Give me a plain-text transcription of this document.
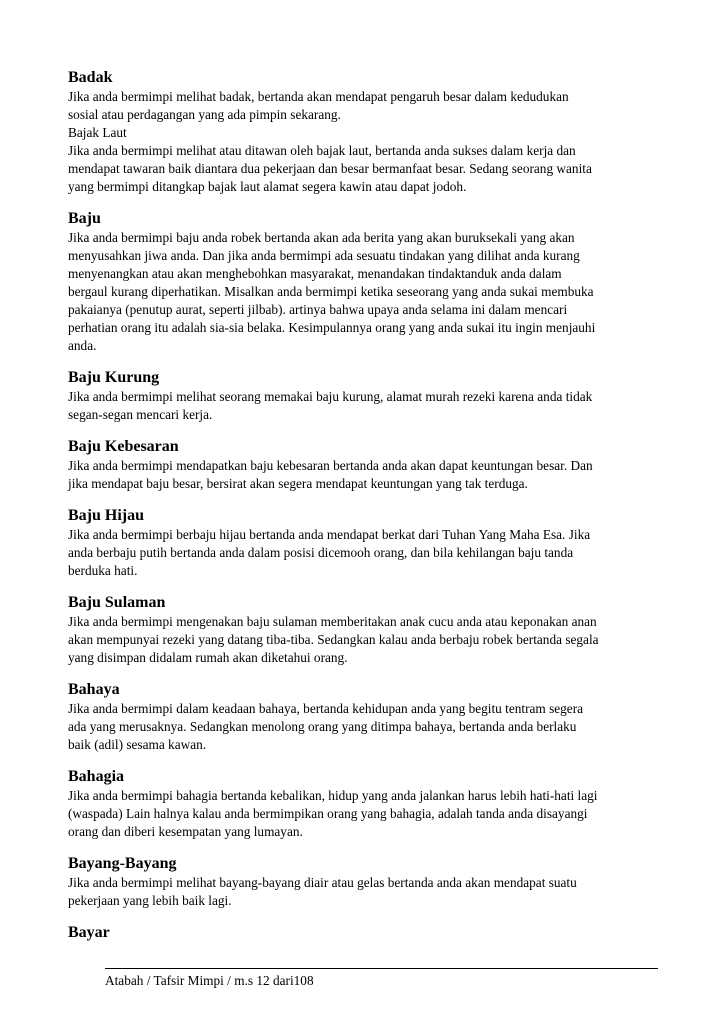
Badak

Jika anda bermimpi melihat badak, bertanda akan mendapat pengaruh besar dalam kedudukan

sosial atau perdagangan yang ada pimpin sekarang.

Bajak Laut

Jika anda bermimpi melihat atau ditawan oleh bajak laut, bertanda anda sukses dalam kerja dan

mendapat tawaran baik diantara dua pekerjaan dan besar bermanfaat besar. Sedang seorang wanita

yang bermimpi ditangkap bajak laut alamat segera kawin atau dapat jodoh.

Baju

Jika anda bermimpi baju anda robek bertanda akan ada berita yang akan buruksekali yang akan

menyusahkan jiwa anda. Dan jika anda bermimpi ada sesuatu tindakan yang dilihat anda kurang

menyenangkan atau akan menghebohkan masyarakat, menandakan tindaktanduk anda dalam

bergaul kurang diperhatikan. Misalkan anda bermimpi ketika seseorang yang anda sukai membuka

pakaianya (penutup aurat, seperti jilbab). artinya bahwa upaya anda selama ini dalam mencari

perhatian orang itu adalah sia-sia belaka. Kesimpulannya orang yang anda sukai itu ingin menjauhi

anda.

Baju Kurung

Jika anda bermimpi melihat seorang memakai baju kurung, alamat murah rezeki karena anda tidak

segan-segan mencari kerja.

Baju Kebesaran

Jika anda bermimpi mendapatkan baju kebesaran bertanda anda akan dapat keuntungan besar. Dan

jika mendapat baju besar, bersirat akan segera mendapat keuntungan yang tak terduga.

Baju Hijau

Jika anda bermimpi berbaju hijau bertanda anda mendapat berkat dari Tuhan Yang Maha Esa. Jika

anda berbaju putih bertanda anda dalam posisi dicemooh orang, dan bila kehilangan baju tanda

berduka hati.

Baju Sulaman

Jika anda bermimpi mengenakan baju sulaman memberitakan anak cucu anda atau keponakan anan

akan mempunyai rezeki yang datang tiba-tiba. Sedangkan kalau anda berbaju robek bertanda segala

yang disimpan didalam rumah akan diketahui orang.

Bahaya

Jika anda bermimpi dalam keadaan bahaya, bertanda kehidupan anda yang begitu tentram segera

ada yang merusaknya. Sedangkan menolong orang yang ditimpa bahaya, bertanda anda berlaku

baik (adil) sesama kawan.

Bahagia

Jika anda bermimpi bahagia bertanda kebalikan, hidup yang anda jalankan harus lebih hati-hati lagi

(waspada) Lain halnya kalau anda bermimpikan orang yang bahagia, adalah tanda anda disayangi

orang dan diberi kesempatan yang lumayan.

Bayang-Bayang

Jika anda bermimpi melihat bayang-bayang diair atau gelas bertanda anda akan mendapat suatu

pekerjaan yang lebih baik lagi.

Bayar

Atabah / Tafsir Mimpi / m.s 12 dari108
